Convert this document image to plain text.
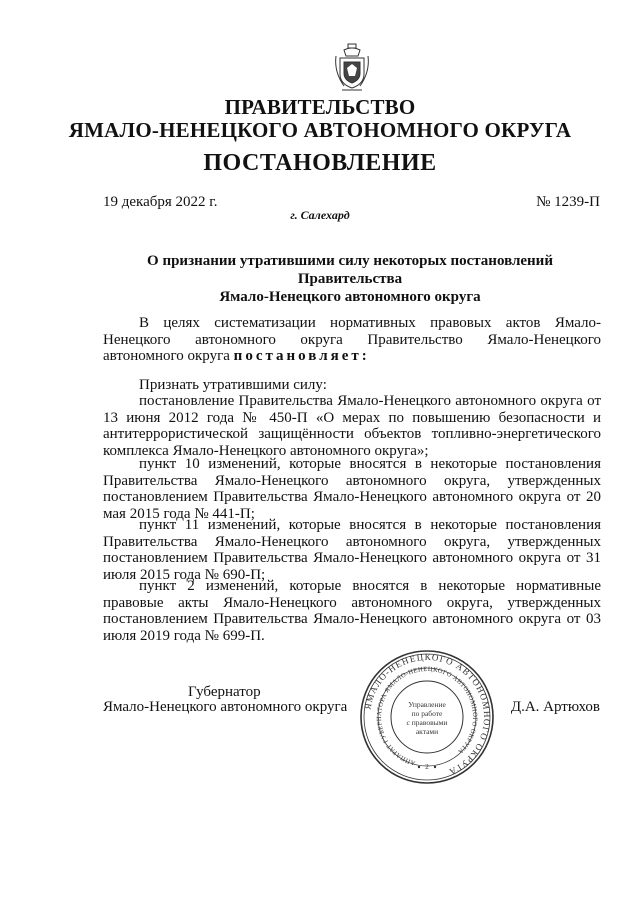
ПРАВИТЕЛЬСТВО
ЯМАЛО-НЕНЕЦКОГО АВТОНОМНОГО ОКРУГА
ПОСТАНОВЛЕНИЕ
19 декабря 2022 г.	№ 1239-П
г. Салехард
О признании утратившими силу некоторых постановлений Правительства
Ямало-Ненецкого автономного округа
В целях систематизации нормативных правовых актов Ямало-Ненецкого автономного округа Правительство Ямало-Ненецкого автономного округа постановляет:
Признать утратившими силу:
постановление Правительства Ямало-Ненецкого автономного округа от 13 июня 2012 года № 450-П «О мерах по повышению безопасности и антитеррористической защищённости объектов топливно-энергетического комплекса Ямало-Ненецкого автономного округа»;
пункт 10 изменений, которые вносятся в некоторые постановления Правительства Ямало-Ненецкого автономного округа, утвержденных постановлением Правительства Ямало-Ненецкого автономного округа от 20 мая 2015 года № 441-П;
пункт 11 изменений, которые вносятся в некоторые постановления Правительства Ямало-Ненецкого автономного округа, утвержденных постановлением Правительства Ямало-Ненецкого автономного округа от 31 июля 2015 года № 690-П;
пункт 2 изменений, которые вносятся в некоторые нормативные правовые акты Ямало-Ненецкого автономного округа, утвержденных постановлением Правительства Ямало-Ненецкого автономного округа от 03 июля 2019 года № 699-П.
Губернатор
Ямало-Ненецкого автономного округа	Д.А. Артюхов
ЯМАЛО-НЕНЕЦКОГО АВТОНОМНОГО ОКРУГА
АППАРАТ ГУБЕРНАТОРА ЯМАЛО-НЕНЕЦКОГО АВТОНОМНОГО ОКРУГА
Управление
по работе
с правовыми
актами
2
